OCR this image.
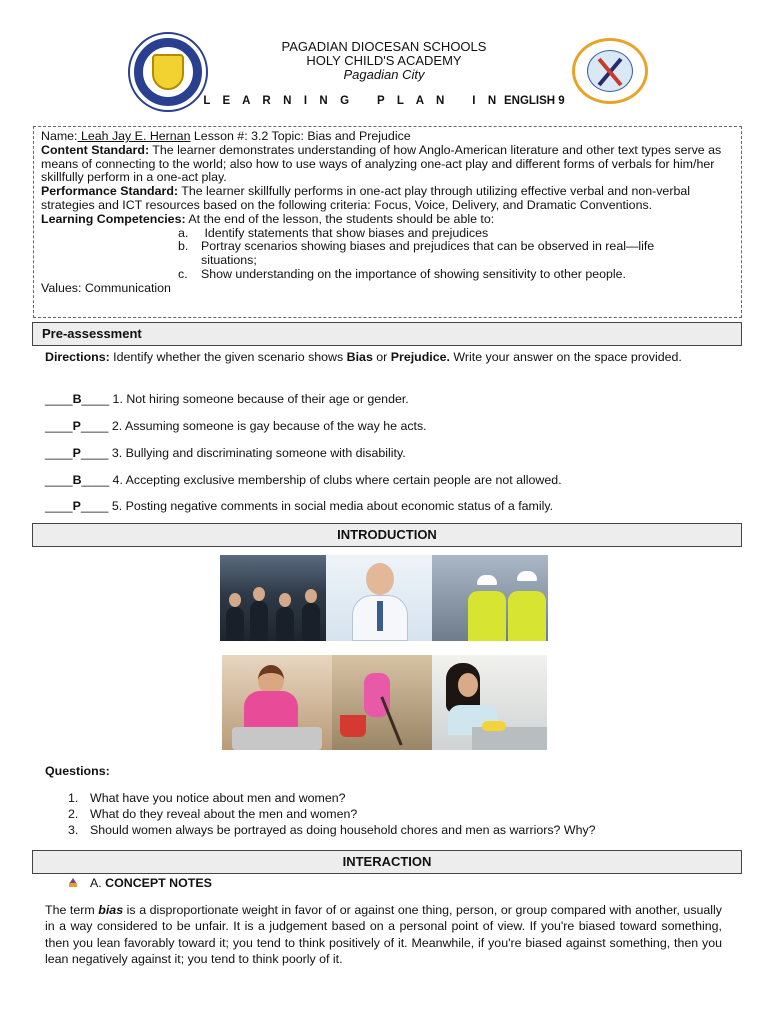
PAGADIAN DIOCESAN SCHOOLS
HOLY CHILD'S ACADEMY
Pagadian City
L E A R N I N G   P L A N   I N ENGLISH 9
Name: Leah Jay E. Hernan Lesson #: 3.2 Topic: Bias and Prejudice
Content Standard: The learner demonstrates understanding of how Anglo-American literature and other text types serve as means of connecting to the world; also how to use ways of analyzing one-act play and different forms of verbals for him/her skillfully perform in a one-act play.
Performance Standard: The learner skillfully performs in one-act play through utilizing effective verbal and non-verbal strategies and ICT resources based on the following criteria: Focus, Voice, Delivery, and Dramatic Conventions.
Learning Competencies: At the end of the lesson, the students should be able to:
a. Identify statements that show biases and prejudices
b. Portray scenarios showing biases and prejudices that can be observed in real—life
situations;
c. Show understanding on the importance of showing sensitivity to other people.
Values: Communication
Pre-assessment
Directions: Identify whether the given scenario shows Bias or Prejudice. Write your answer on the space provided.
____B____ 1. Not hiring someone because of their age or gender.
____P____ 2. Assuming someone is gay because of the way he acts.
____P____ 3. Bullying and discriminating someone with disability.
____B____ 4. Accepting exclusive membership of clubs where certain people are not allowed.
____P____ 5. Posting negative comments in social media about economic status of a family.
INTRODUCTION
Questions:
1. What have you notice about men and women?
2. What do they reveal about the men and women?
3. Should women always be portrayed as doing household chores and men as warriors? Why?
INTERACTION
A. CONCEPT NOTES
The term bias is a disproportionate weight in favor of or against one thing, person, or group compared with another, usually in a way considered to be unfair. It is a judgement based on a personal point of view. If you're biased toward something, then you lean favorably toward it; you tend to think positively of it. Meanwhile, if you're biased against something, then you lean negatively against it; you tend to think poorly of it.
